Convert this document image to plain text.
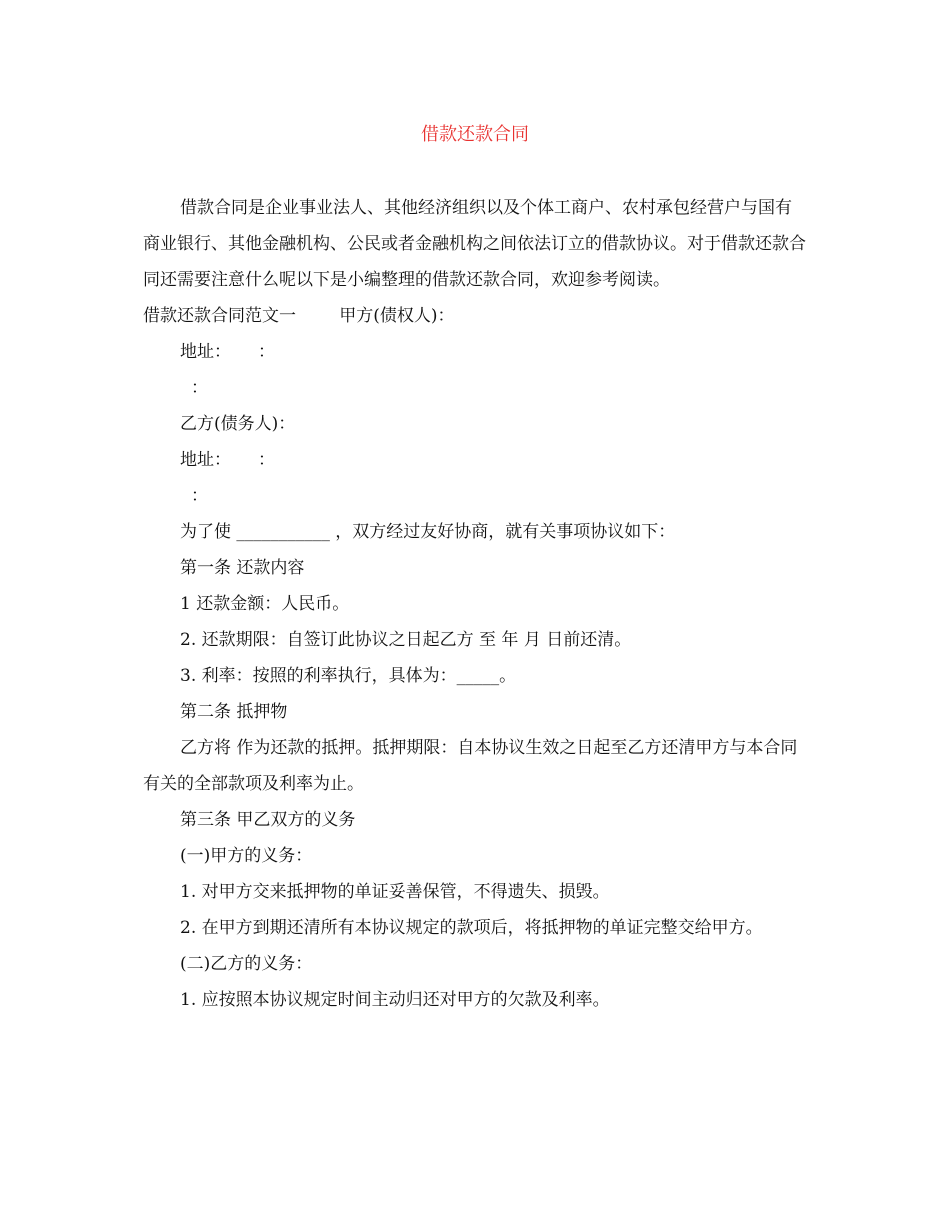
借款还款合同

借款合同是企业事业法人、其他经济组织以及个体工商户、农村承包经营户与国有商业银行、其他金融机构、公民或者金融机构之间依法订立的借款协议。对于借款还款合同还需要注意什么呢以下是小编整理的借款还款合同，欢迎参考阅读。

借款还款合同范文一        甲方(债权人)：
地址：     ：
：
乙方(债务人)：
地址：     ：
：
为了使 ___________ ，双方经过友好协商，就有关事项协议如下：
第一条 还款内容
1 还款金额：人民币。
2. 还款期限：自签订此协议之日起乙方 至 年 月 日前还清。
3. 利率：按照的利率执行，具体为：_____。
第二条 抵押物

乙方将 作为还款的抵押。抵押期限：自本协议生效之日起至乙方还清甲方与本合同有关的全部款项及利率为止。

第三条 甲乙双方的义务
(一)甲方的义务：
1. 对甲方交来抵押物的单证妥善保管，不得遗失、损毁。

2. 在甲方到期还清所有本协议规定的款项后，将抵押物的单证完整交给甲方。

(二)乙方的义务：
1. 应按照本协议规定时间主动归还对甲方的欠款及利率。
